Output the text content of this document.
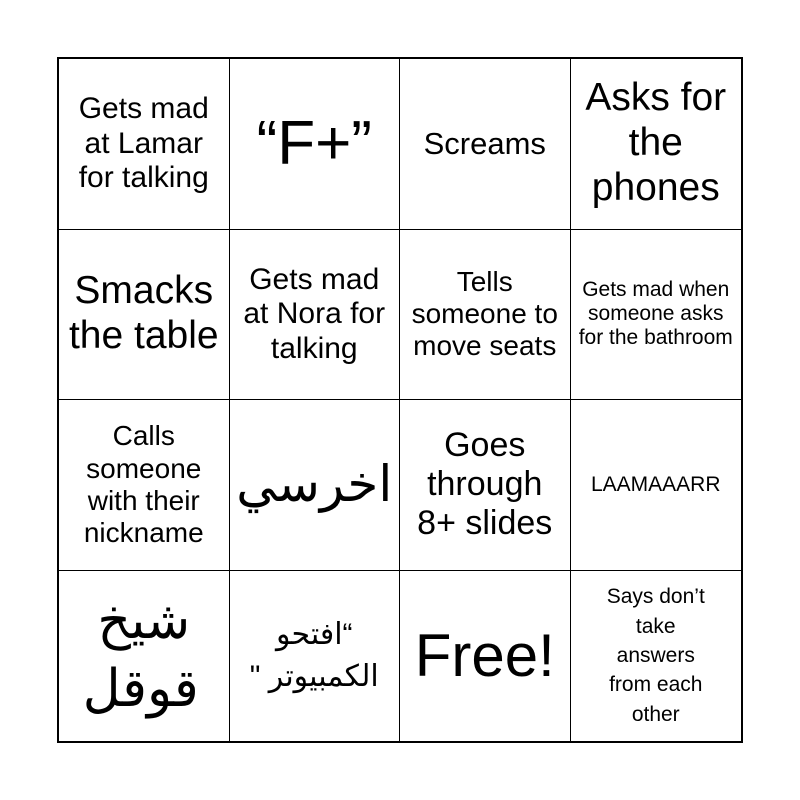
Gets mad at Lamar for talking “F+” Screams
Asks for the phones
Smacks the table
Gets mad at Nora for talking
Tells someone to move seats
Gets mad when someone asks for the bathroom
Calls someone with their nickname
اخرسي
Goes through 8+ slides
LAAMAAARR
شيخ قوقل
“افتحو الكمبيوتر " Free!
Says don’t take answers from each other
